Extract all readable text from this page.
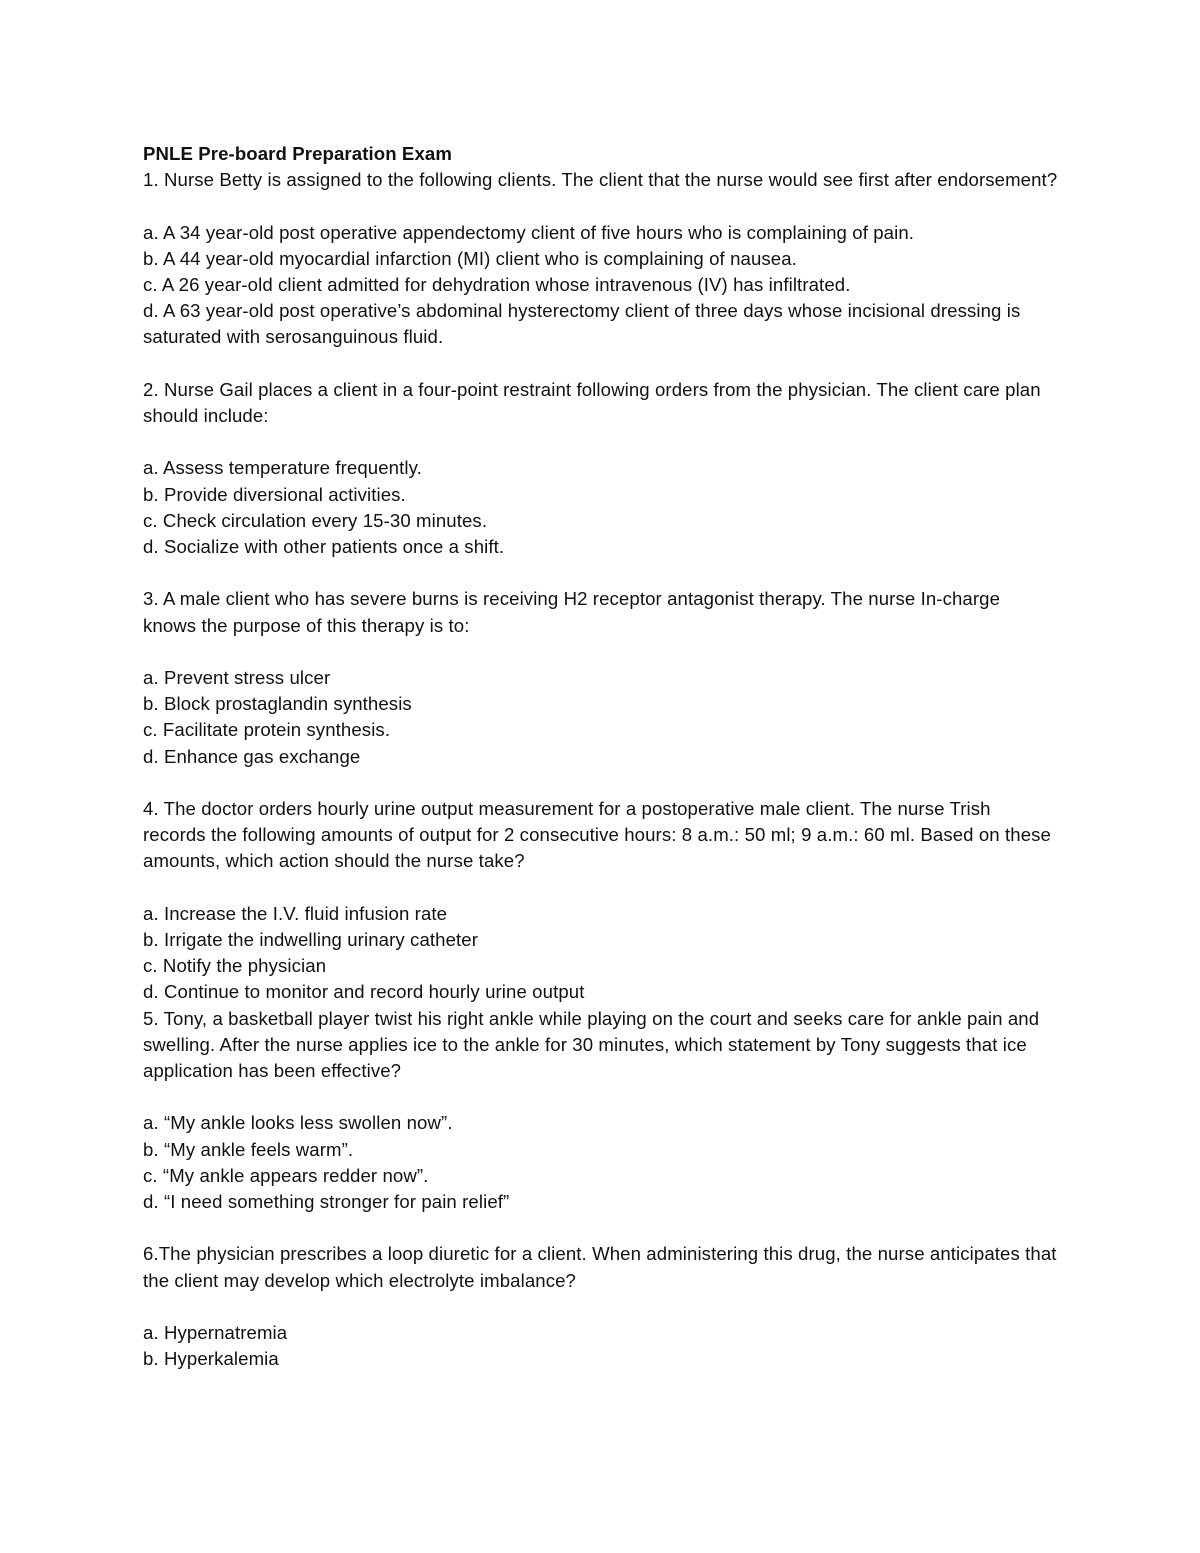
PNLE Pre-board Preparation Exam

1. Nurse Betty is assigned to the following clients. The client that the nurse would see first after endorsement?

a. A 34 year-old post operative appendectomy client of five hours who is complaining of pain.

b. A 44 year-old myocardial infarction (MI) client who is complaining of nausea.

c. A 26 year-old client admitted for dehydration whose intravenous (IV) has infiltrated.

d. A 63 year-old post operative’s abdominal hysterectomy client of three days whose incisional dressing is saturated with serosanguinous fluid.

2. Nurse Gail places a client in a four-point restraint following orders from the physician. The client care plan should include:

a. Assess temperature frequently.

b. Provide diversional activities.

c. Check circulation every 15-30 minutes.

d. Socialize with other patients once a shift.

3. A male client who has severe burns is receiving H2 receptor antagonist therapy. The nurse In-charge knows the purpose of this therapy is to:

a. Prevent stress ulcer

b. Block prostaglandin synthesis

c. Facilitate protein synthesis.

d. Enhance gas exchange

4. The doctor orders hourly urine output measurement for a postoperative male client. The nurse Trish records the following amounts of output for 2 consecutive hours: 8 a.m.: 50 ml; 9 a.m.: 60 ml. Based on these amounts, which action should the nurse take?

a. Increase the I.V. fluid infusion rate

b. Irrigate the indwelling urinary catheter

c. Notify the physician

d. Continue to monitor and record hourly urine output

5. Tony, a basketball player twist his right ankle while playing on the court and seeks care for ankle pain and swelling. After the nurse applies ice to the ankle for 30 minutes, which statement by Tony suggests that ice application has been effective?

a. “My ankle looks less swollen now”.

b. “My ankle feels warm”.

c. “My ankle appears redder now”.

d. “I need something stronger for pain relief”

6.The physician prescribes a loop diuretic for a client. When administering this drug, the nurse anticipates that the client may develop which electrolyte imbalance?

a. Hypernatremia

b. Hyperkalemia
